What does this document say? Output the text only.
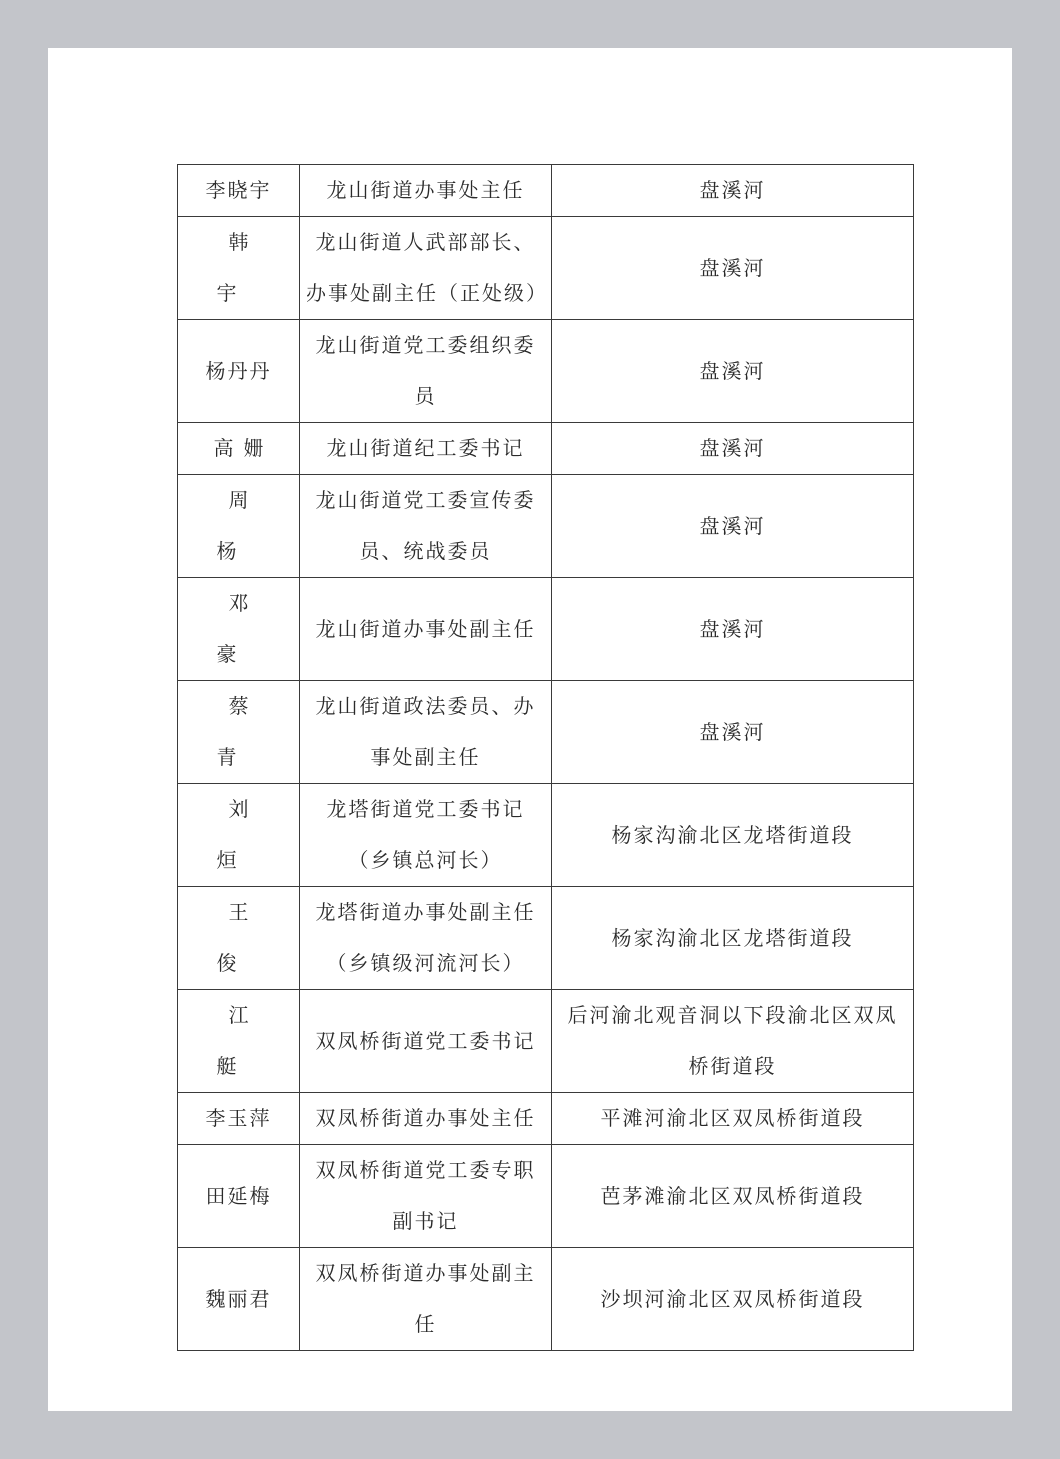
李晓宇	龙山街道办事处主任	盘溪河
韩宇	龙山街道人武部部长、办事处副主任（正处级）	盘溪河
杨丹丹	龙山街道党工委组织委员	盘溪河
高姗	龙山街道纪工委书记	盘溪河
周杨	龙山街道党工委宣传委员、统战委员	盘溪河
邓豪	龙山街道办事处副主任	盘溪河
蔡青	龙山街道政法委员、办事处副主任	盘溪河
刘烜	龙塔街道党工委书记（乡镇总河长）	杨家沟渝北区龙塔街道段
王俊	龙塔街道办事处副主任（乡镇级河流河长）	杨家沟渝北区龙塔街道段
江艇	双凤桥街道党工委书记	后河渝北观音洞以下段渝北区双凤桥街道段
李玉萍	双凤桥街道办事处主任	平滩河渝北区双凤桥街道段
田延梅	双凤桥街道党工委专职副书记	芭茅滩渝北区双凤桥街道段
魏丽君	双凤桥街道办事处副主任	沙坝河渝北区双凤桥街道段
